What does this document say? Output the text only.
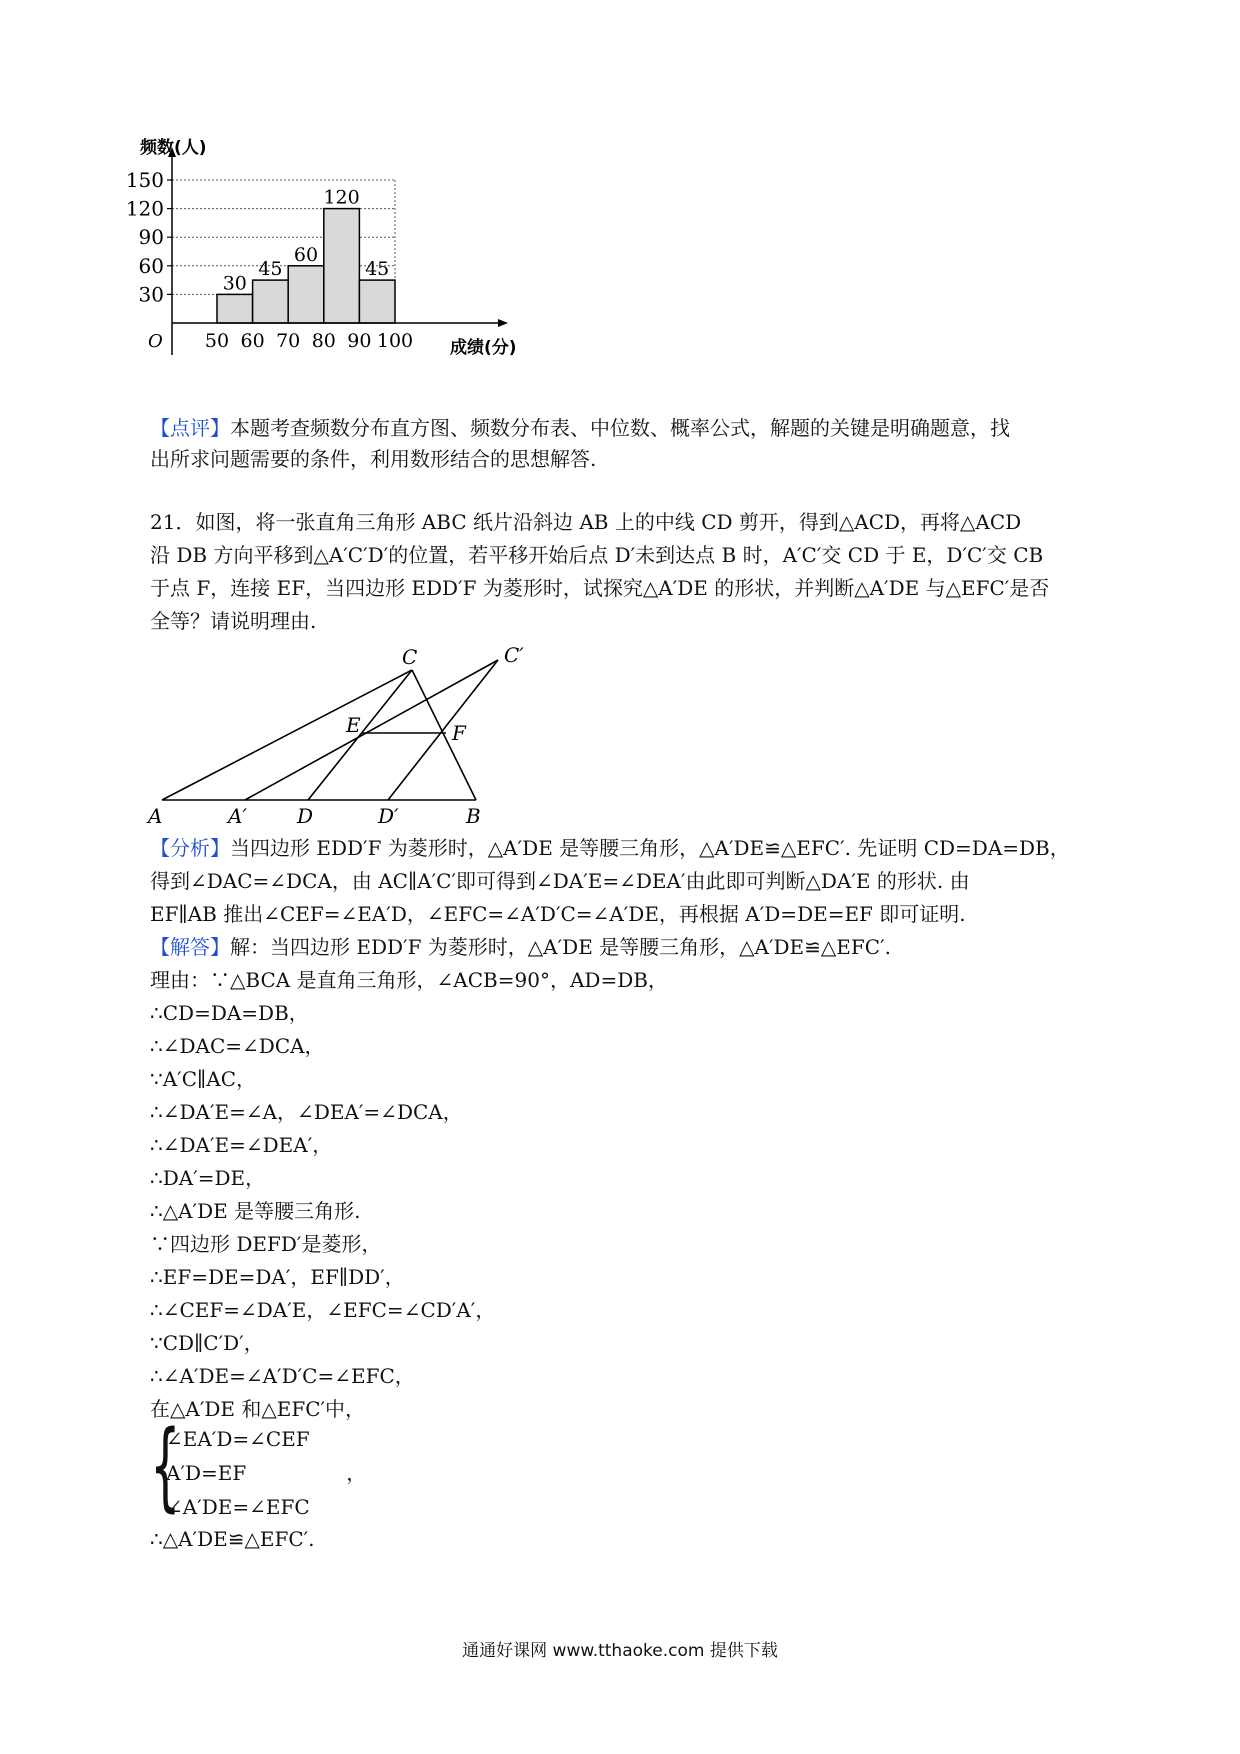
150
120
90
60
30
50 60 70 80 90 100
30
45
60
120
45
频数(人)
成绩(分)
O
【点评】本题考查频数分布直方图、频数分布表、中位数、概率公式，解题的关键是明确题意，找
出所求问题需要的条件，利用数形结合的思想解答.
21．如图，将一张直角三角形 ABC 纸片沿斜边 AB 上的中线 CD 剪开，得到△ACD，再将△ACD
沿 DB 方向平移到△A′C′D′的位置，若平移开始后点 D′未到达点 B 时，A′C′交 CD 于 E，D′C′交 CB
于点 F，连接 EF，当四边形 EDD′F 为菱形时，试探究△A′DE 的形状，并判断△A′DE 与△EFC′是否
全等？请说明理由.
A	A′	D	D′	B
C	C′
E	F
【分析】当四边形 EDD′F 为菱形时，△A′DE 是等腰三角形，△A′DE≌△EFC′. 先证明 CD=DA=DB，
得到∠DAC=∠DCA，由 AC∥A′C′即可得到∠DA′E=∠DEA′由此即可判断△DA′E 的形状. 由
EF∥AB 推出∠CEF=∠EA′D，∠EFC=∠A′D′C=∠A′DE，再根据 A′D=DE=EF 即可证明.
【解答】解：当四边形 EDD′F 为菱形时，△A′DE 是等腰三角形，△A′DE≌△EFC′.
理由：∵△BCA 是直角三角形，∠ACB=90°，AD=DB，
∴CD=DA=DB，
∴∠DAC=∠DCA，
∵A′C∥AC，
∴∠DA′E=∠A，∠DEA′=∠DCA，
∴∠DA′E=∠DEA′，
∴DA′=DE，
∴△A′DE 是等腰三角形.
∵四边形 DEFD′是菱形，
∴EF=DE=DA′，EF∥DD′，
∴∠CEF=∠DA′E，∠EFC=∠CD′A′，
∵CD∥C′D′，
∴∠A′DE=∠A′D′C=∠EFC，
在△A′DE 和△EFC′中，
{
∠EA′D=∠CEF
A′D=EF	，
∠A′DE=∠EFC
∴△A′DE≌△EFC′.
通通好课网 www.tthaoke.com 提供下载
